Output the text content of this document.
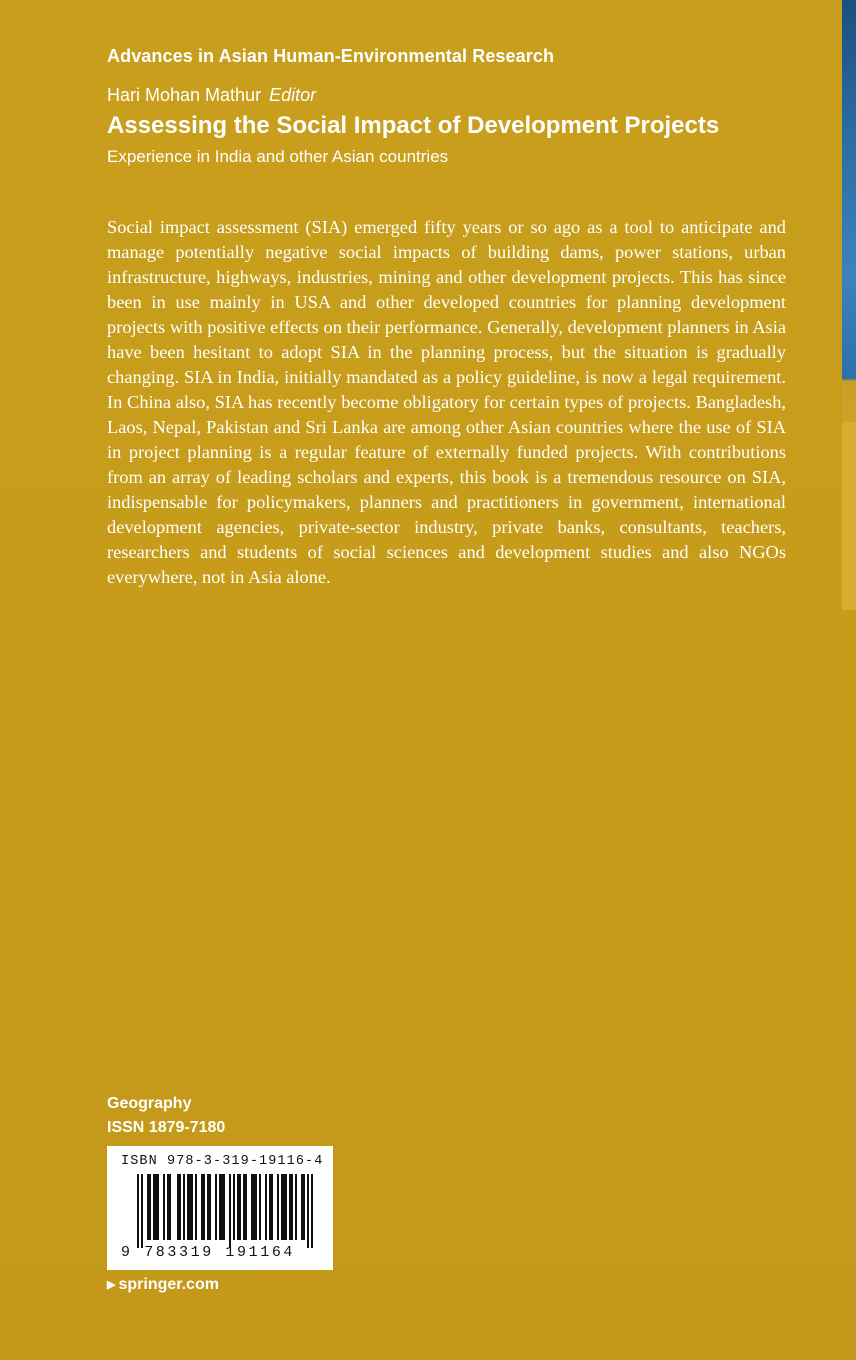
Advances in Asian Human-Environmental Research
Hari Mohan Mathur Editor
Assessing the Social Impact of Development Projects
Experience in India and other Asian countries

Social impact assessment (SIA) emerged fifty years or so ago as a tool to anticipate and manage potentially negative social impacts of building dams, power stations, urban infrastructure, highways, industries, mining and other development projects. This has since been in use mainly in USA and other developed countries for planning development projects with positive effects on their performance. Generally, development planners in Asia have been hesitant to adopt SIA in the planning process, but the situation is gradually changing. SIA in India, initially mandated as a policy guideline, is now a legal requirement. In China also, SIA has recently become obligatory for certain types of projects. Bangladesh, Laos, Nepal, Pakistan and Sri Lanka are among other Asian countries where the use of SIA in project planning is a regular feature of externally funded projects. With contributions from an array of leading scholars and experts, this book is a tremendous resource on SIA, indispensable for policymakers, planners and practitioners in government, international development agencies, private-sector industry, private banks, consultants, teachers, researchers and students of social sciences and development studies and also NGOs everywhere, not in Asia alone.

Geography
ISSN 1879-7180
ISBN 978-3-319-19116-4
9 783319 191164
▶ springer.com
